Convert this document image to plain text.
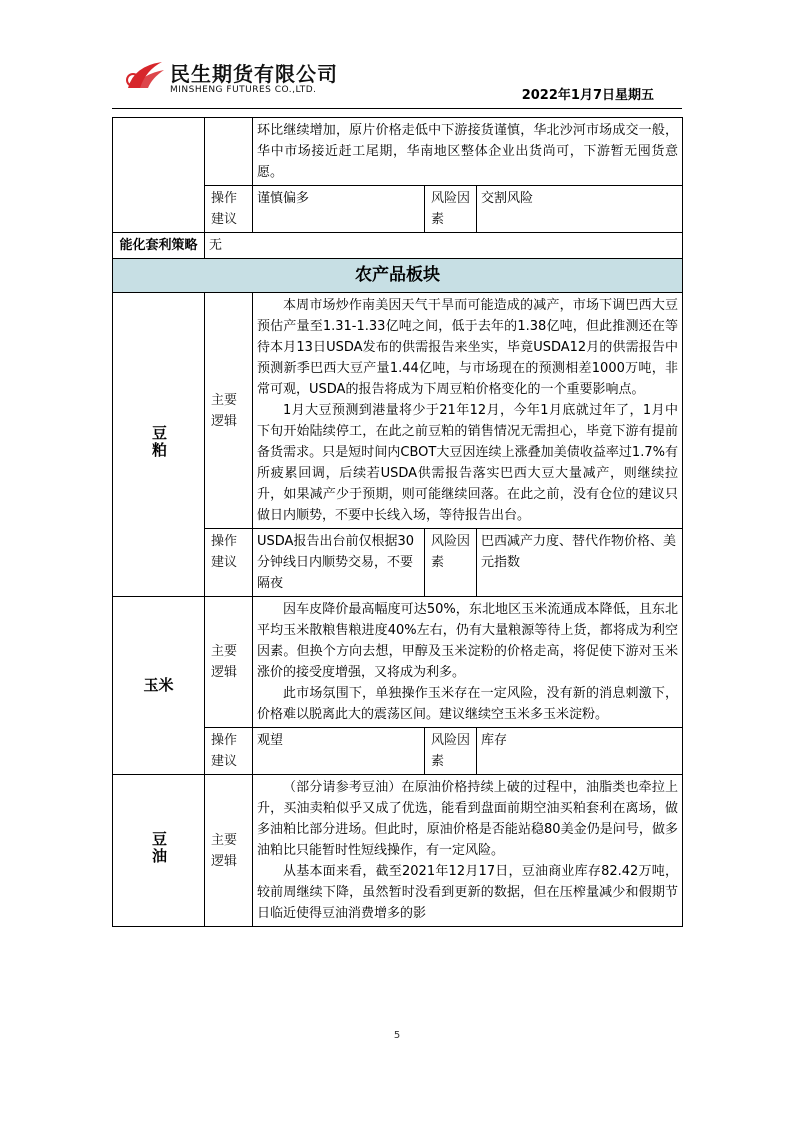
民生期货有限公司
MINSHENG FUTURES CO.,LTD.	2022年1月7日星期五

		环比继续增加，原片价格走低中下游接货谨慎，华北沙河市场成交一般，华中市场接近赶工尾期，华南地区整体企业出货尚可，下游暂无囤货意愿。		

	操作建议	谨慎偏多	风险因素	交割风险
能化套利策略	无			
农产品板块				
豆粕	主要逻辑	本周市场炒作南美因天气干旱而可能造成的减产，市场下调巴西大豆预估产量至1.31-1.33亿吨之间，低于去年的1.38亿吨，但此推测还在等待本月13日USDA发布的供需报告来坐实，毕竟USDA12月的供需报告中预测新季巴西大豆产量1.44亿吨，与市场现在的预测相差1000万吨，非常可观，USDA的报告将成为下周豆粕价格变化的一个重要影响点。

1月大豆预测到港量将少于21年12月，今年1月底就过年了，1月中下旬开始陆续停工，在此之前豆粕的销售情况无需担心，毕竟下游有提前备货需求。只是短时间内CBOT大豆因连续上涨叠加美债收益率过1.7%有所疲累回调，后续若USDA供需报告落实巴西大豆大量减产，则继续拉升，如果减产少于预期，则可能继续回落。在此之前，没有仓位的建议只做日内顺势，不要中长线入场，等待报告出台。		

	操作建议	USDA报告出台前仅根据30分钟线日内顺势交易，不要隔夜	风险因素	巴西减产力度、替代作物价格、美元指数
玉米	主要逻辑	因车皮降价最高幅度可达50%，东北地区玉米流通成本降低，且东北平均玉米散粮售粮进度40%左右，仍有大量粮源等待上货，都将成为利空因素。但换个方向去想，甲醇及玉米淀粉的价格走高，将促使下游对玉米涨价的接受度增强，又将成为利多。

此市场氛围下，单独操作玉米存在一定风险，没有新的消息刺激下，价格难以脱离此大的震荡区间。建议继续空玉米多玉米淀粉。		

	操作建议	观望	风险因素	库存
豆油	主要逻辑	（部分请参考豆油）在原油价格持续上破的过程中，油脂类也牵拉上升，买油卖粕似乎又成了优选，能看到盘面前期空油买粕套利在离场，做多油粕比部分进场。但此时，原油价格是否能站稳80美金仍是问号，做多油粕比只能暂时性短线操作，有一定风险。

从基本面来看，截至2021年12月17日，豆油商业库存82.42万吨，较前周继续下降，虽然暂时没看到更新的数据，但在压榨量减少和假期节日临近使得豆油消费增多的影		

5
